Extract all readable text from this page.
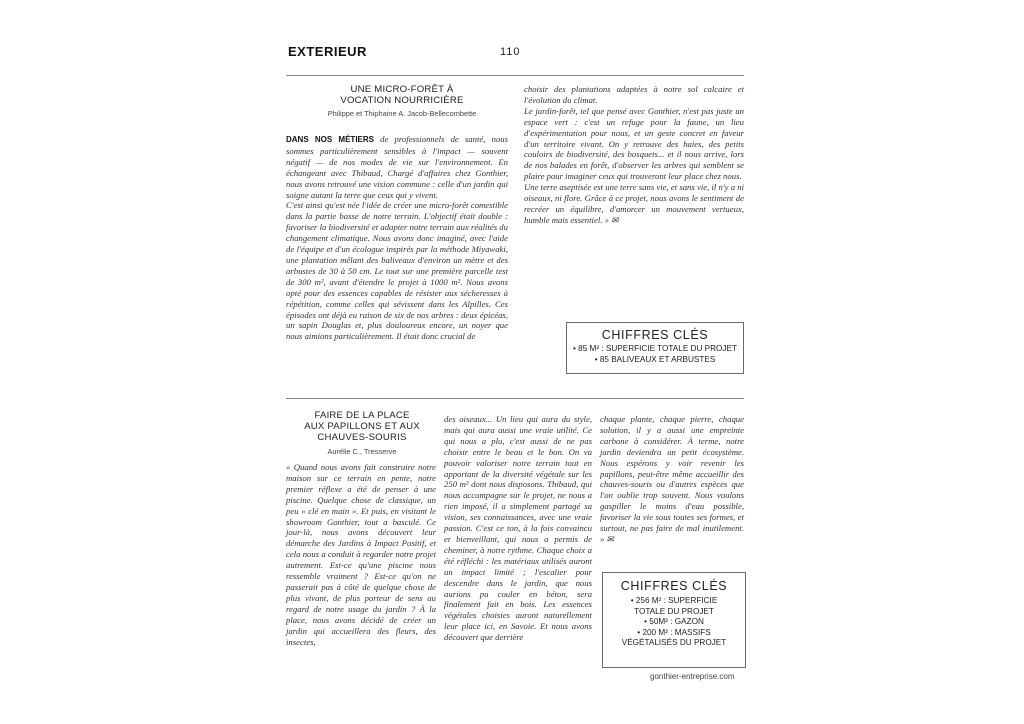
EXTERIEUR	110
UNE MICRO-FORÊT À
VOCATION NOURRICIÈRE
Philippe et Thiphaine A. Jacob-Bellecombette

DANS NOS MÉTIERS de professionnels de santé, nous sommes particulièrement sensibles à l'impact — souvent négatif — de nos modes de vie sur l'environnement. En échangeant avec Thibaud, Chargé d'affaires chez Gonthier, nous avons retrouvé une vision commune : celle d'un jardin qui soigne autant la terre que ceux qui y vivent.

C'est ainsi qu'est née l'idée de créer une micro-forêt comestible dans la partie basse de notre terrain. L'objectif était double : favoriser la biodiversité et adapter notre terrain aux réalités du changement climatique. Nous avons donc imaginé, avec l'aide de l'équipe et d'un écologue inspirés par la méthode Miyawaki, une plantation mêlant des baliveaux d'environ un mètre et des arbustes de 30 à 50 cm. Le tout sur une première parcelle test de 300 m², avant d'étendre le projet à 1000 m². Nous avons opté pour des essences capables de résister aux sécheresses à répétition, comme celles qui sévissent dans les Alpilles. Ces épisodes ont déjà eu raison de six de nos arbres : deux épicéas, un sapin Douglas et, plus douloureux encore, un noyer que nous aimions particulièrement. Il était donc crucial de

choisir des plantations adaptées à notre sol calcaire et l'évolution du climat.

Le jardin-forêt, tel que pensé avec Gonthier, n'est pas juste un espace vert : c'est un refuge pour la faune, un lieu d'expérimentation pour nous, et un geste concret en faveur d'un territoire vivant. On y retrouve des haies, des petits couloirs de biodiversité, des bosquets... et il nous arrive, lors de nos balades en forêt, d'observer les arbres qui semblent se plaire pour imaginer ceux qui trouveront leur place chez nous.

Une terre aseptisée est une terre sans vie, et sans vie, il n'y a ni oiseaux, ni flore. Grâce à ce projet, nous avons le sentiment de recréer un équilibre, d'amorcer un mouvement vertueux, humble mais essentiel. » ✉

CHIFFRES CLÉS
• 85 M² : SUPERFICIE TOTALE DU PROJET
• 85 BALIVEAUX ET ARBUSTES
FAIRE DE LA PLACE
AUX PAPILLONS ET AUX
CHAUVES-SOURIS
Aurélie C., Tresserve

« Quand nous avons fait construire notre maison sur ce terrain en pente, notre premier réflexe a été de penser à une piscine. Quelque chose de classique, un peu « clé en main ». Et puis, en visitant le showroom Gonthier, tout a basculé. Ce jour-là, nous avons découvert leur démarche des Jardins à Impact Positif, et cela nous a conduit à regarder notre projet autrement. Est-ce qu'une piscine nous ressemble vraiment ? Est-ce qu'on ne passerait pas à côté de quelque chose de plus vivant, de plus porteur de sens au regard de notre usage du jardin ? À la place, nous avons décidé de créer un jardin qui accueillera des fleurs, des insectes,

des oiseaux... Un lieu qui aura du style, mais qui aura aussi une vraie utilité. Ce qui nous a plu, c'est aussi de ne pas choisir entre le beau et le bon. On va pouvoir valoriser notre terrain tout en apportant de la diversité végétale sur les 250 m² dont nous disposons. Thibaud, qui nous accompagne sur le projet, ne nous a rien imposé, il a simplement partagé sa vision, ses connaissances, avec une vraie passion. C'est ce ton, à la fois convaincu et bienveillant, qui nous a permis de cheminer, à notre rythme. Chaque choix a été réfléchi : les matériaux utilisés auront un impact limité ; l'escalier pour descendre dans le jardin, que nous aurions pu couler en béton, sera finalement fait en bois. Les essences végétales choisies auront naturellement leur place ici, en Savoie. Et nous avons découvert que derrière

chaque plante, chaque pierre, chaque solution, il y a aussi une empreinte carbone à considérer. À terme, notre jardin deviendra un petit écosystème. Nous espérons y voir revenir les papillons, peut-être même accueillir des chauves-souris ou d'autres espèces que l'on oublie trop souvent. Nous voulons gaspiller le moins d'eau possible, favoriser la vie sous toutes ses formes, et surtout, ne pas faire de mal inutilement. » ✉

CHIFFRES CLÉS
• 256 M² : SUPERFICIE
TOTALE DU PROJET
• 50M² : GAZON
• 200 M² : MASSIFS
VÉGÉTALISÉS DU PROJET
gonthier-entreprise.com
